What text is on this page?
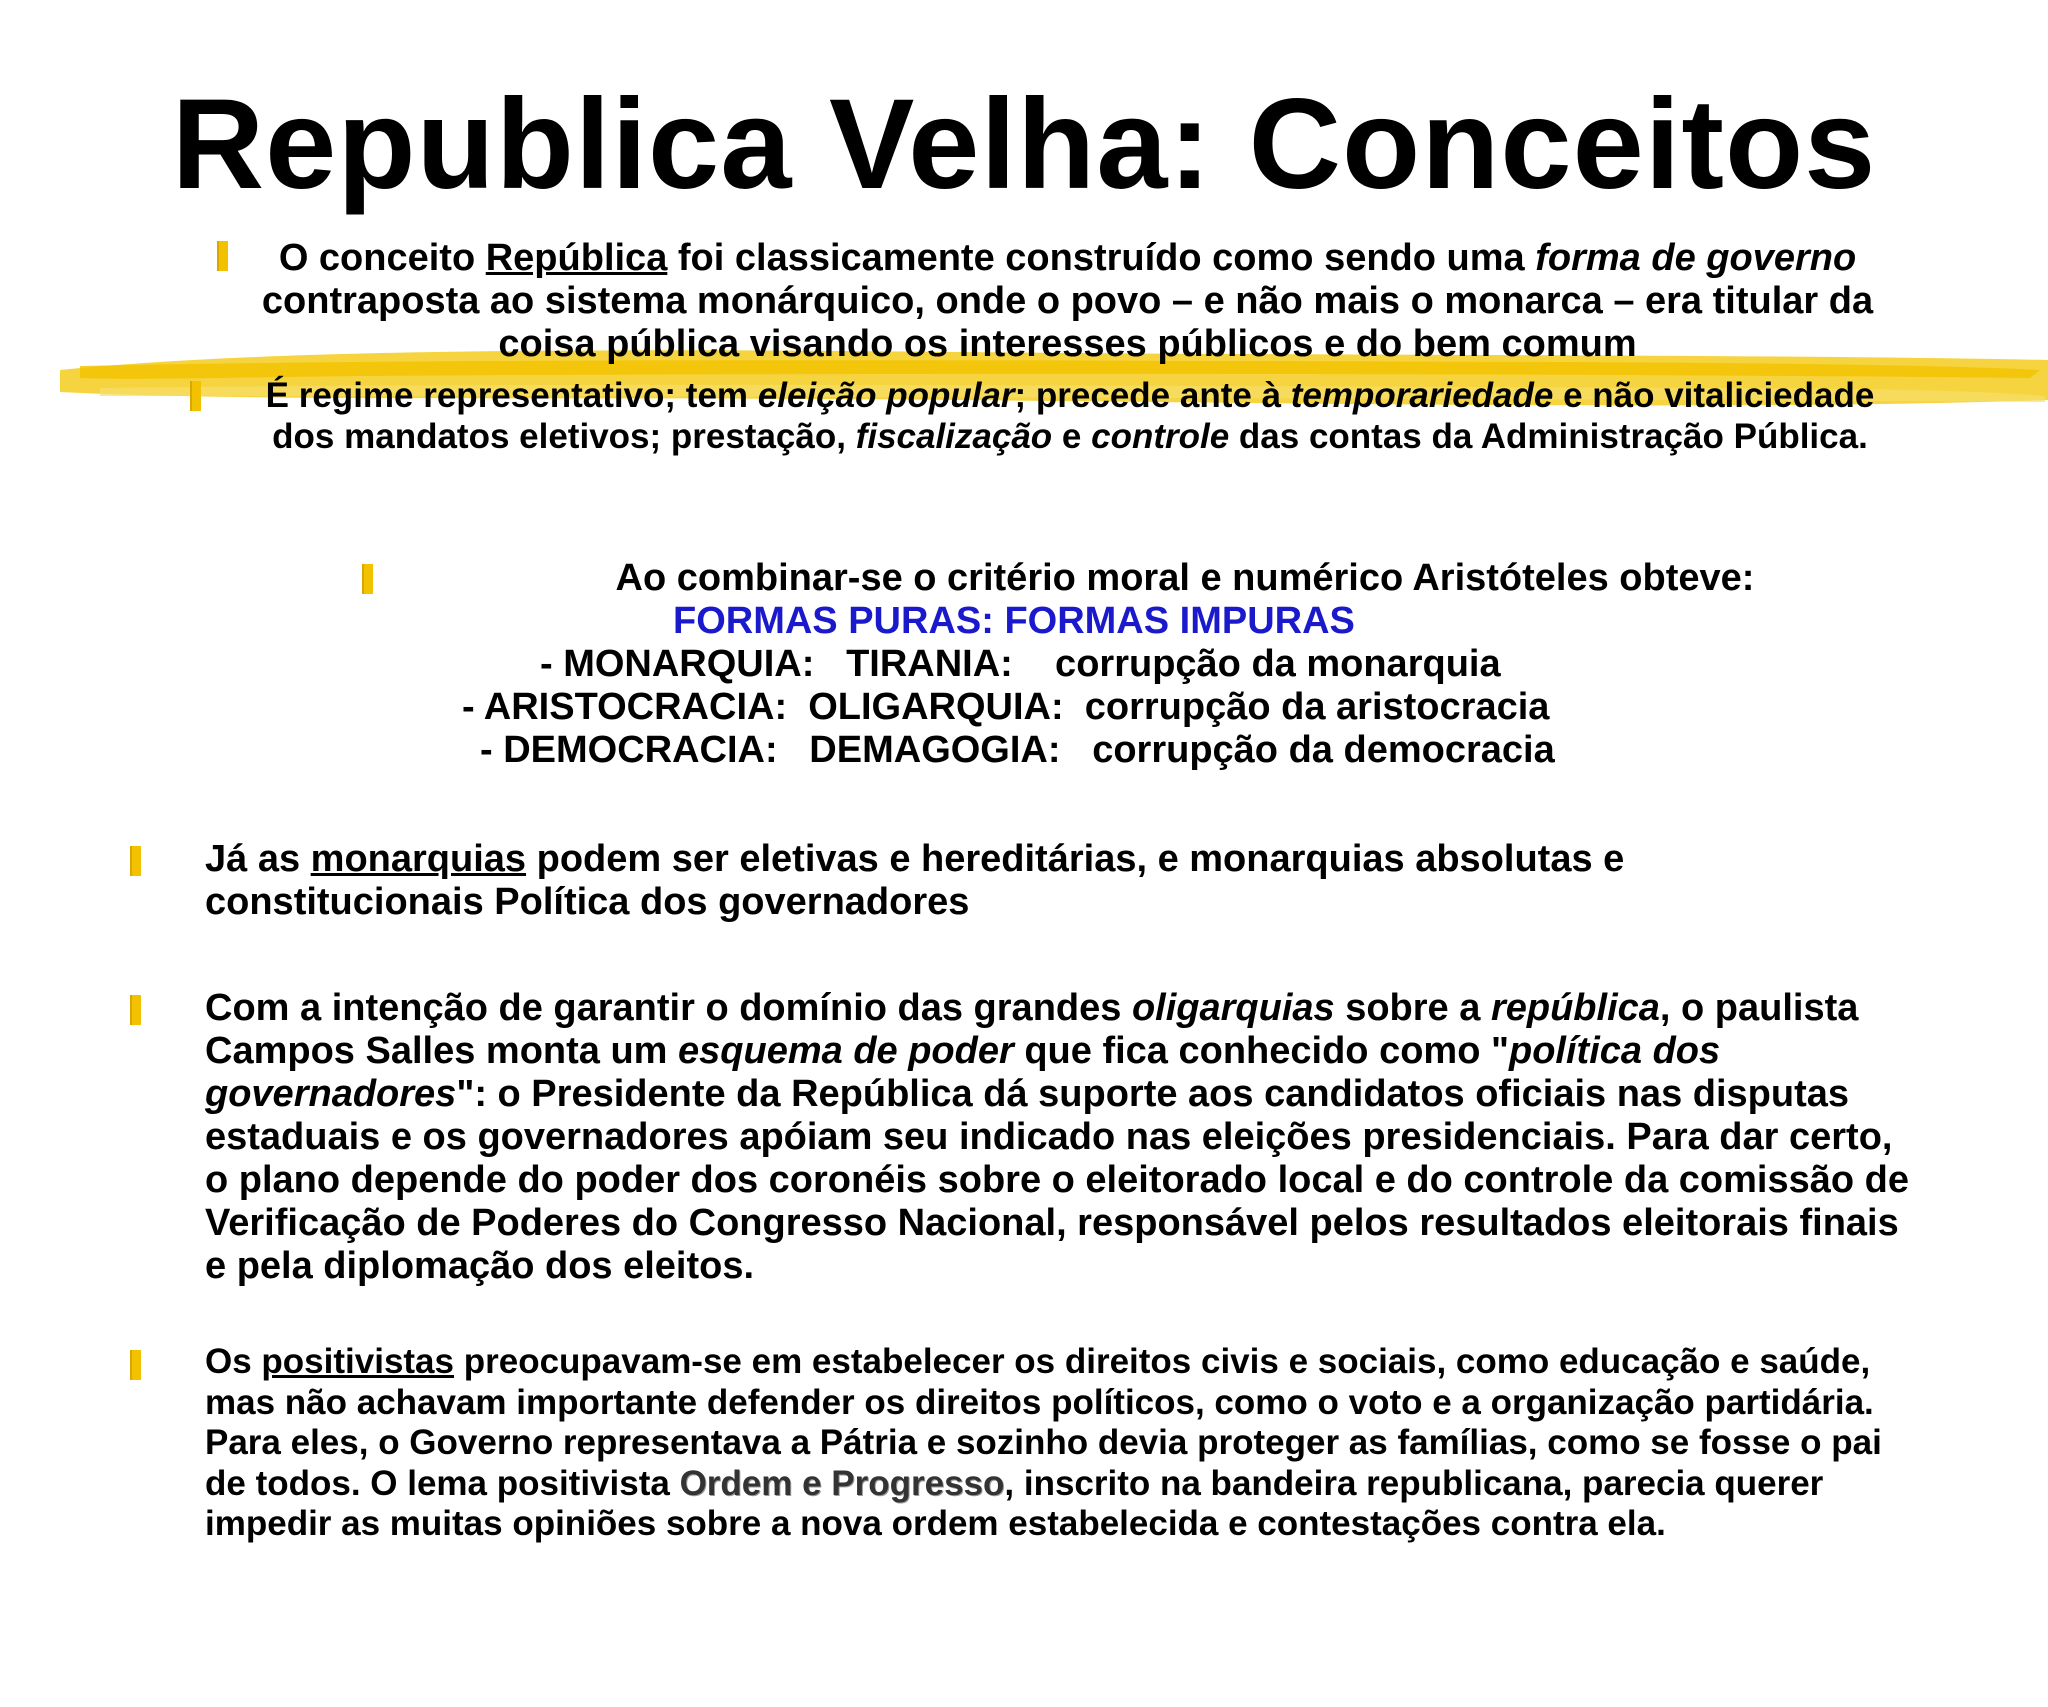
Republica Velha: Conceitos

O conceito República foi classicamente construído como sendo uma forma de governo contraposta ao sistema monárquico, onde o povo – e não mais o monarca – era titular da coisa pública visando os interesses públicos e do bem comum

É regime representativo; tem eleição popular; precede ante à temporariedade e não vitaliciedade dos mandatos eletivos; prestação, fiscalização e controle das contas da Administração Pública.

Ao combinar-se o critério moral e numérico Aristóteles obteve:
FORMAS PURAS: FORMAS IMPURAS
- MONARQUIA:   TIRANIA:    corrupção da monarquia
- ARISTOCRACIA:  OLIGARQUIA:  corrupção da aristocracia
- DEMOCRACIA:   DEMAGOGIA:   corrupção da democracia

Já as monarquias podem ser eletivas e hereditárias, e monarquias absolutas e constitucionais Política dos governadores

Com a intenção de garantir o domínio das grandes oligarquias sobre a república, o paulista Campos Salles monta um esquema de poder que fica conhecido como "política dos governadores": o Presidente da República dá suporte aos candidatos oficiais nas disputas estaduais e os governadores apóiam seu indicado nas eleições presidenciais. Para dar certo, o plano depende do poder dos coronéis sobre o eleitorado local e do controle da comissão de Verificação de Poderes do Congresso Nacional, responsável pelos resultados eleitorais finais e pela diplomação dos eleitos.

Os positivistas preocupavam-se em estabelecer os direitos civis e sociais, como educação e saúde, mas não achavam importante defender os direitos políticos, como o voto e a organização partidária. Para eles, o Governo representava a Pátria e sozinho devia proteger as famílias, como se fosse o pai de todos. O lema positivista Ordem e Progresso, inscrito na bandeira republicana, parecia querer impedir as muitas opiniões sobre a nova ordem estabelecida e contestações contra ela.
